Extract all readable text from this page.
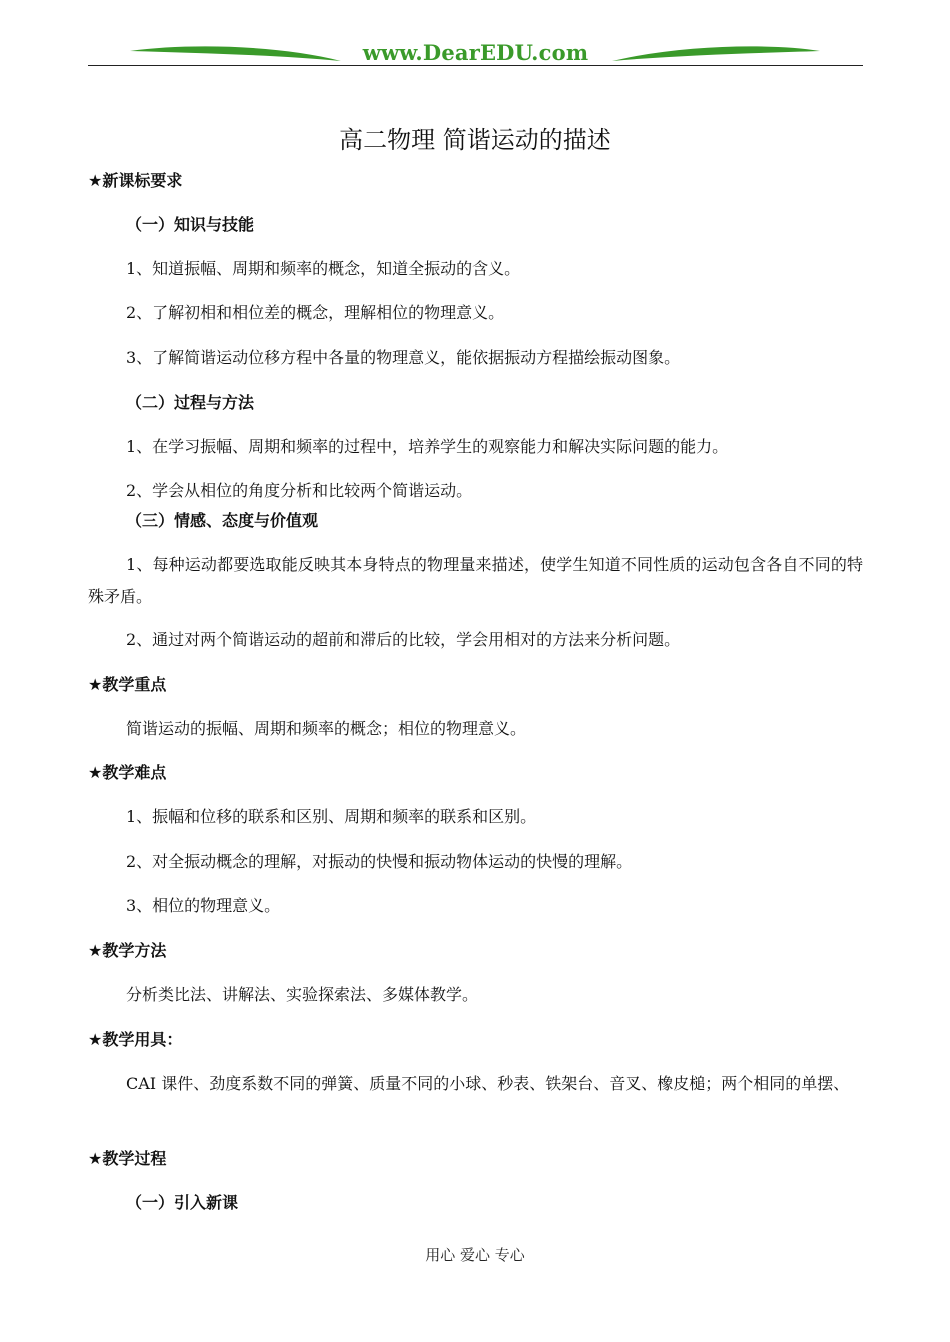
www.DearEDU.com
高二物理 简谐运动的描述
★新课标要求
（一）知识与技能
1、知道振幅、周期和频率的概念，知道全振动的含义。
2、了解初相和相位差的概念，理解相位的物理意义。
3、了解简谐运动位移方程中各量的物理意义，能依据振动方程描绘振动图象。
（二）过程与方法
1、在学习振幅、周期和频率的过程中，培养学生的观察能力和解决实际问题的能力。
2、学会从相位的角度分析和比较两个简谐运动。
（三）情感、态度与价值观
1、每种运动都要选取能反映其本身特点的物理量来描述，使学生知道不同性质的运动包含各自不同的特殊矛盾。
2、通过对两个简谐运动的超前和滞后的比较，学会用相对的方法来分析问题。
★教学重点
简谐运动的振幅、周期和频率的概念；相位的物理意义。
★教学难点
1、振幅和位移的联系和区别、周期和频率的联系和区别。
2、对全振动概念的理解，对振动的快慢和振动物体运动的快慢的理解。
3、相位的物理意义。
★教学方法
分析类比法、讲解法、实验探索法、多媒体教学。
★教学用具：
CAI 课件、劲度系数不同的弹簧、质量不同的小球、秒表、铁架台、音叉、橡皮槌；两个相同的单摆、
★教学过程
（一）引入新课
用心 爱心 专心
